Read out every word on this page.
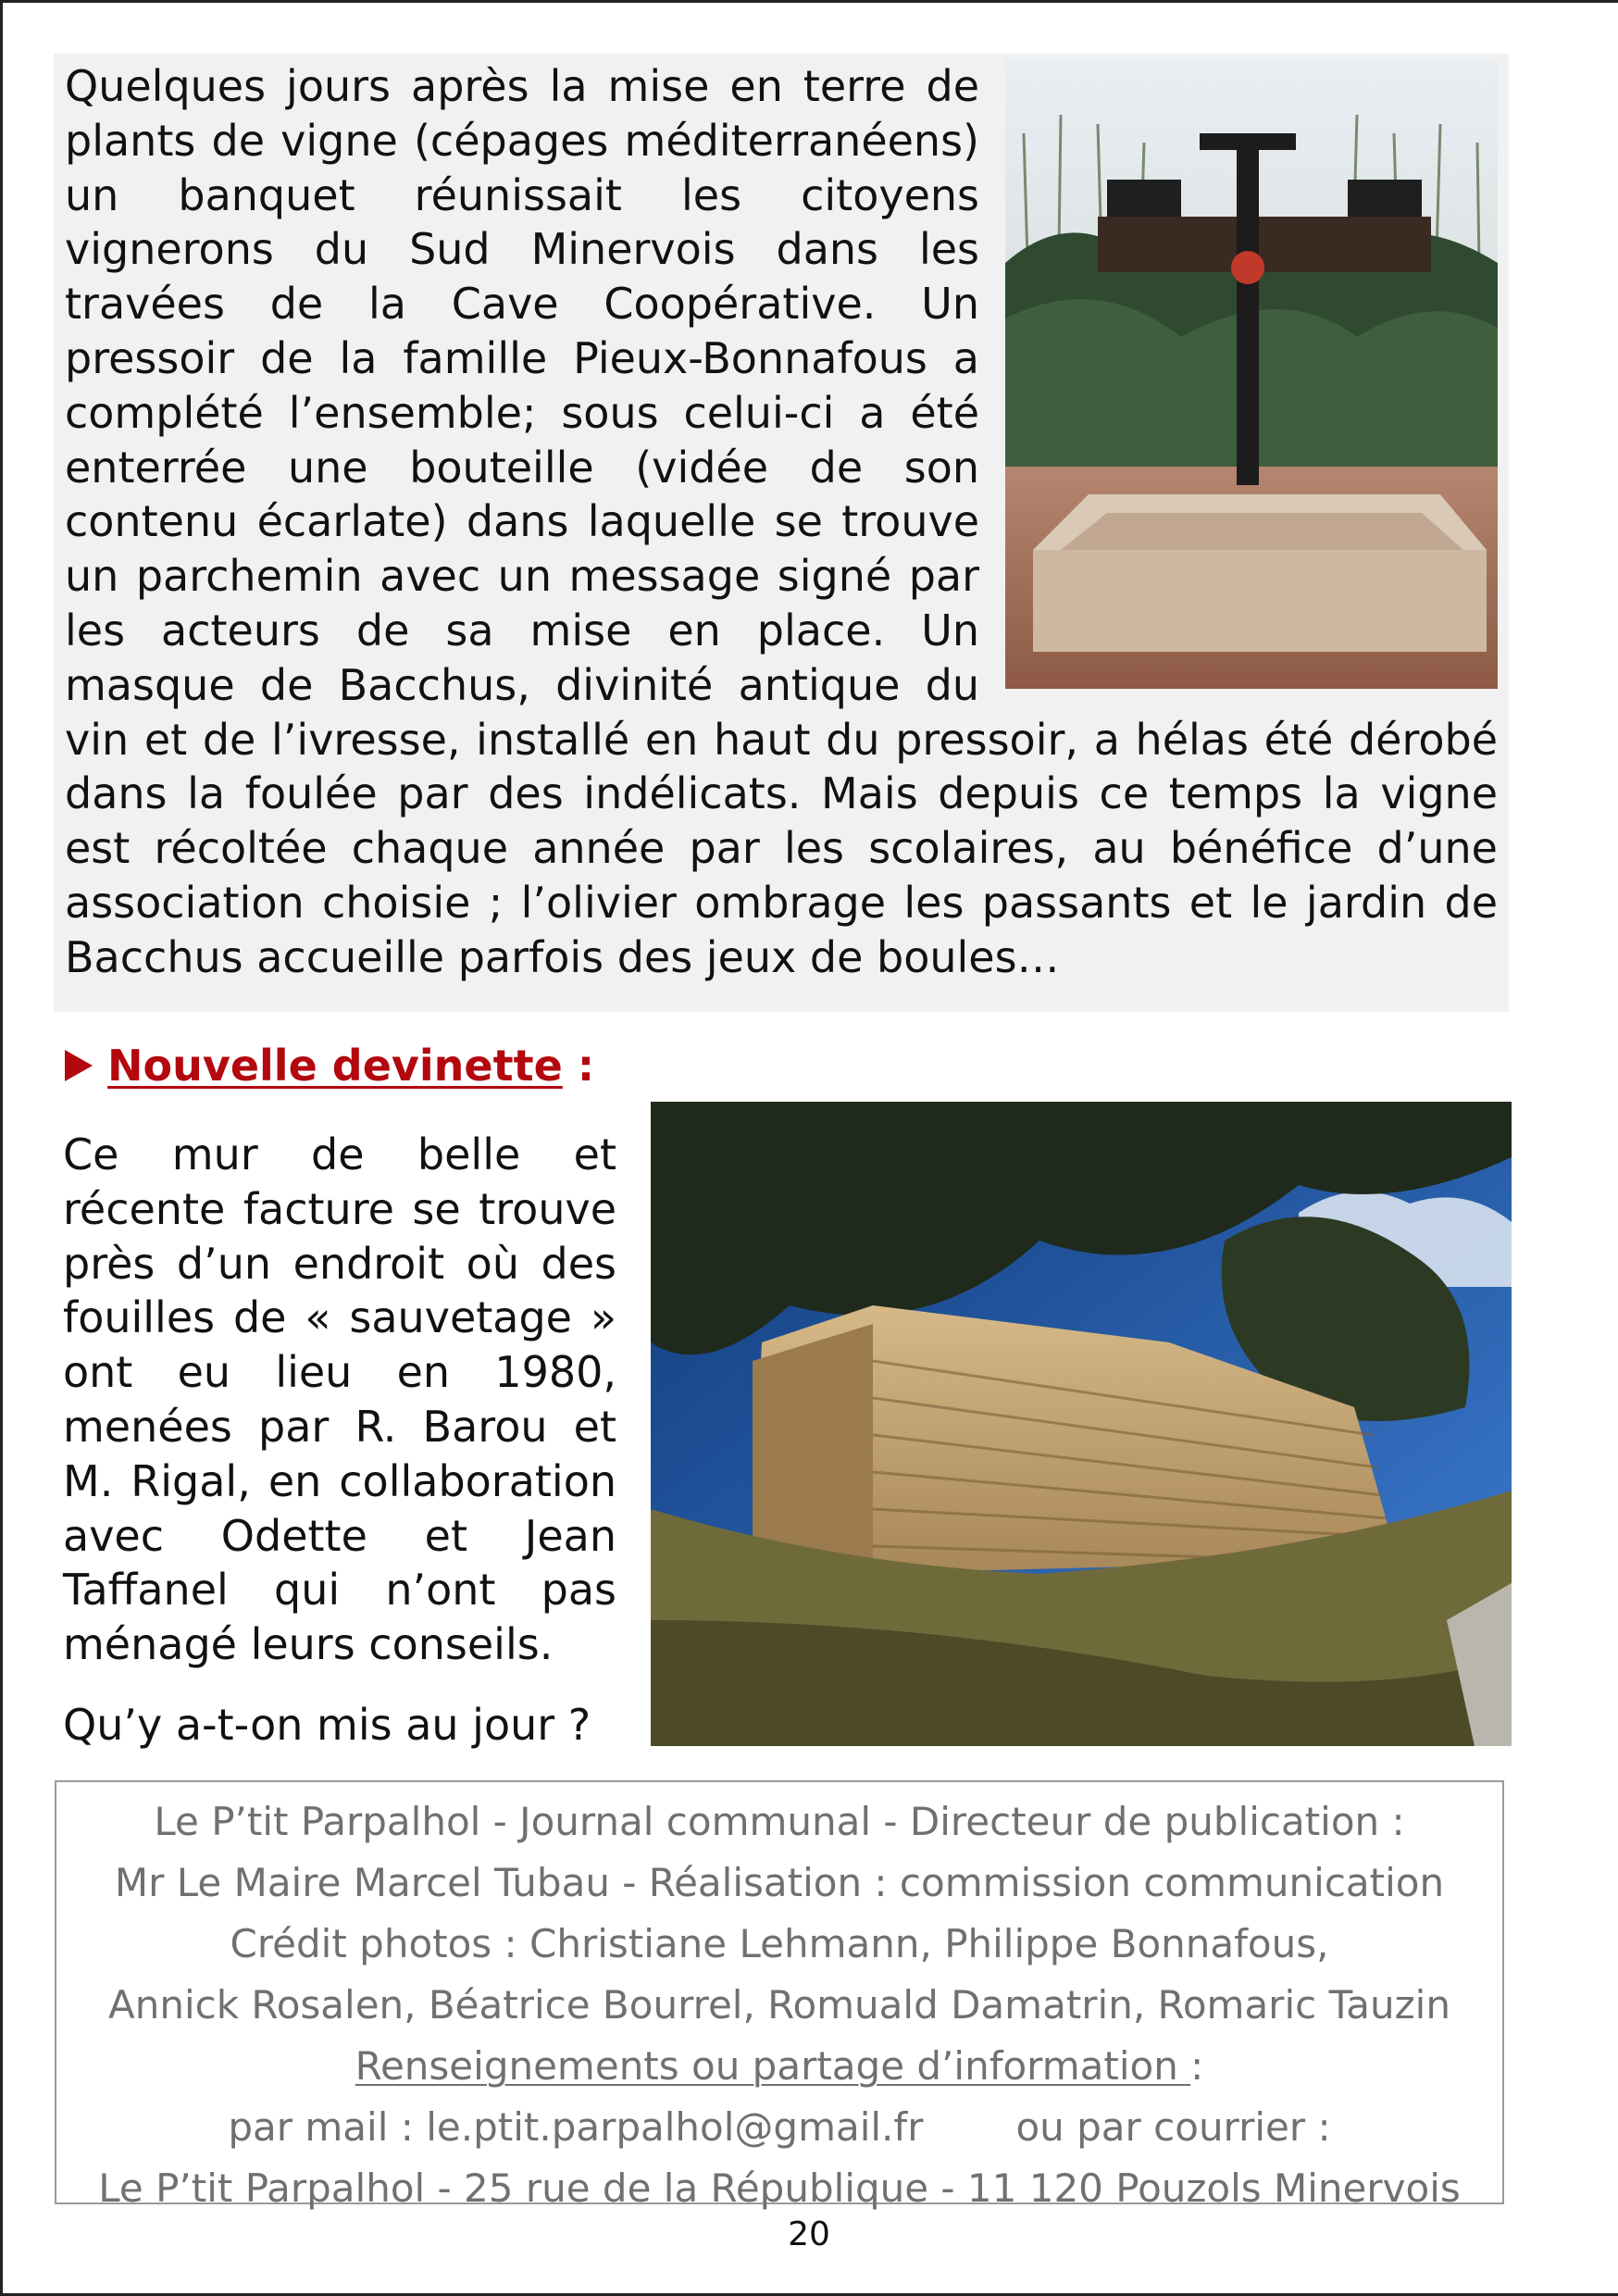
Quelques jours après la mise en terre de plants de vigne (cépages méditerranéens) un banquet réunissait les citoyens vignerons du Sud Minervois dans les travées de la Cave Coopérative. Un pressoir de la famille Pieux-Bonnafous a complété l’ensemble; sous celui-ci a été enterrée une bouteille (vidée de son contenu écarlate) dans laquelle se trouve un parchemin avec un message signé par les acteurs de sa mise en place. Un masque de Bacchus, divinité antique du vin et de l’ivresse, installé en haut du pressoir, a hélas été dérobé dans la foulée par des indélicats. Mais depuis ce temps la vigne est récoltée chaque année par les scolaires, au bénéfice d’une association choisie ; l’olivier ombrage les passants et le jardin de Bacchus accueille parfois des jeux de boules…
Nouvelle devinette :

Ce mur de belle et récente facture se trouve près d’un endroit où des fouilles de « sauvetage » ont eu lieu en 1980, menées par R. Barou et M. Rigal, en collaboration avec Odette et Jean Taffanel qui n’ont pas ménagé leurs conseils.

Qu’y a-t-on mis au jour ?

Le P’tit Parpalhol - Journal communal - Directeur de publication :
Mr Le Maire Marcel Tubau - Réalisation : commission communication
Crédit photos : Christiane Lehmann, Philippe Bonnafous,
Annick Rosalen, Béatrice Bourrel, Romuald Damatrin, Romaric Tauzin
Renseignements ou partage d’information :
par mail : le.ptit.parpalhol@gmail.fr ou par courrier :
Le P’tit Parpalhol - 25 rue de la République - 11 120 Pouzols Minervois
20
